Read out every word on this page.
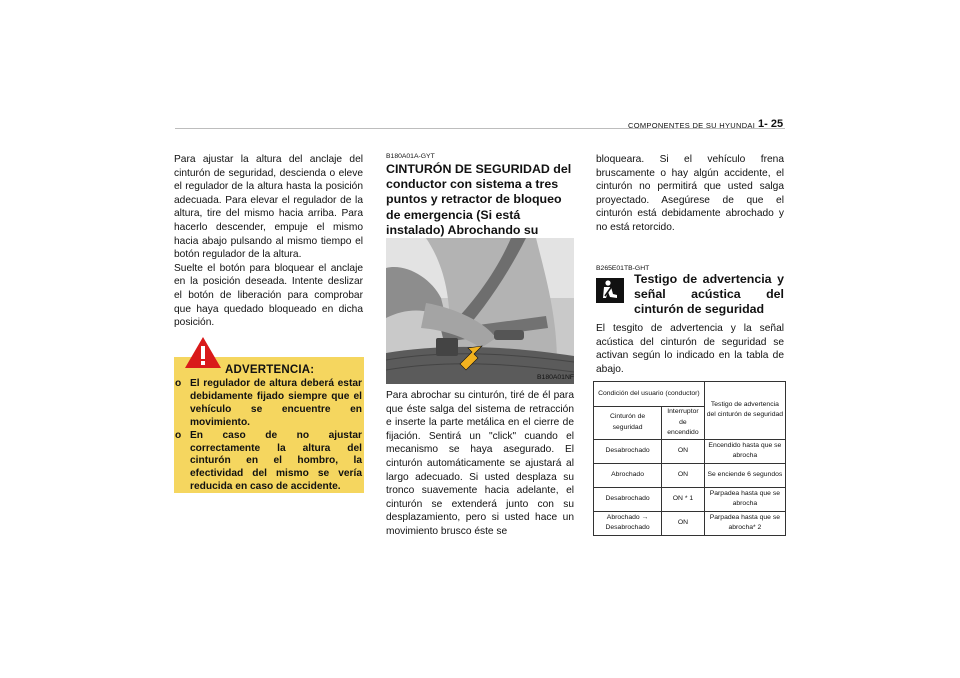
COMPONENTES DE SU HYUNDAI 1- 25

Para ajustar la altura del anclaje del cinturón de seguridad, descienda o eleve el regulador de la altura hasta la posición adecuada. Para elevar el regulador de la altura, tire del mismo hacia arriba. Para hacerlo descender, empuje el mismo hacia abajo pulsando al mismo tiempo el botón regulador de la altura.

Suelte el botón para bloquear el anclaje en la posición deseada. Intente deslizar el botón de liberación para comprobar que haya quedado bloqueado en dicha posición.

ADVERTENCIA:
o El regulador de altura deberá estar debidamente fijado siempre que el vehículo se encuentre en movimiento.
o En caso de no ajustar correctamente la altura del cinturón en el hombro, la efectividad del mismo se vería reducida en caso de accidente.
B180A01A-GYT
CINTURÓN DE SEGURIDAD del conductor con sistema a tres puntos y retractor de bloqueo de emergencia (Si está instalado) Abrochando su
B180A01NF

Para abrochar su cinturón, tiré de él para que éste salga del sistema de retracción e inserte la parte metálica en el cierre de fijación. Sentirá un "click" cuando el mecanismo se haya asegurado. El cinturón automáticamente se ajustará al largo adecuado. Si usted desplaza su tronco suavemente hacia adelante, el cinturón se extenderá junto con su desplazamiento, pero si usted hace un movimiento brusco éste se

bloqueara. Si el vehículo frena bruscamente o hay algún accidente, el cinturón no permitirá que usted salga proyectado. Asegúrese de que el cinturón está debidamente abrochado y no está retorcido.

B265E01TB-GHT
Testigo de advertencia y señal acústica del cinturón de seguridad

El tesgito de advertencia y la señal acústica del cinturón de seguridad se activan según lo indicado en la tabla de abajo.

Condición del usuario (conductor)		Testigo de advertencia del cinturón de seguridad
Cinturón de seguridad	Interruptor de encendido	
Desabrochado	ON	Encendido hasta que se abrocha
Abrochado	ON	Se enciende 6 segundos
Desabrochado	ON * 1	Parpadea hasta que se abrocha
Abrochado → Desabrochado	ON	Parpadea hasta que se abrocha* 2
